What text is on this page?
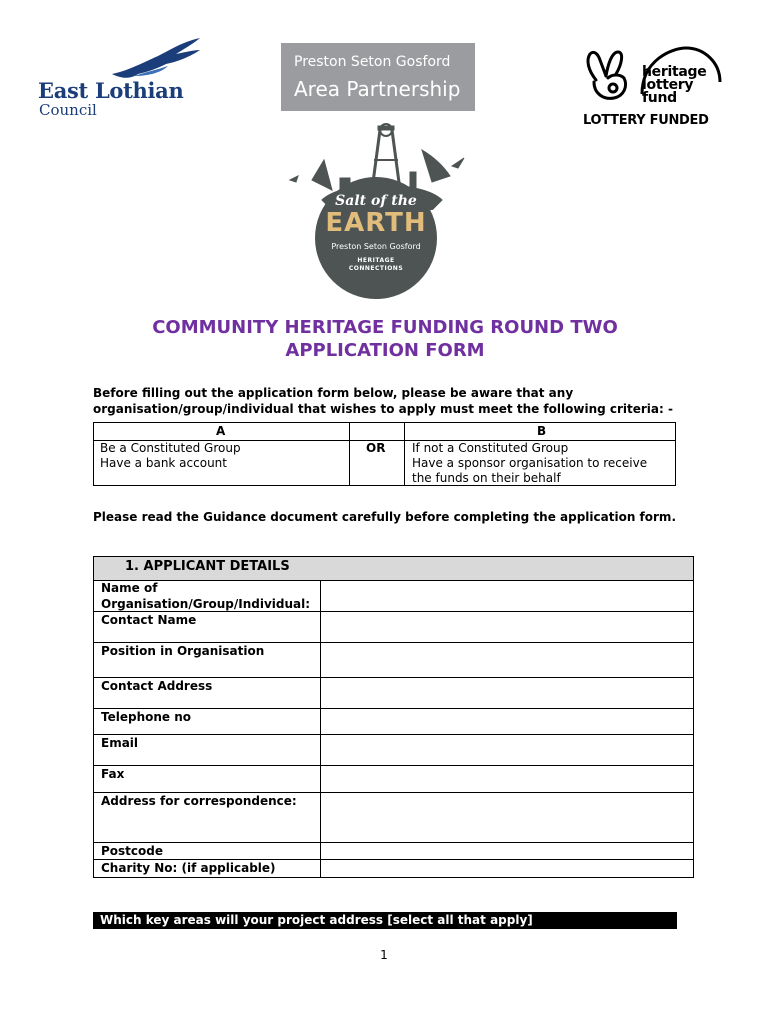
East Lothian
Council
Preston Seton Gosford
Area Partnership
heritage
lottery fund
LOTTERY FUNDED
Salt of the
EARTH
Preston Seton Gosford
HERITAGE
CONNECTIONS
COMMUNITY HERITAGE FUNDING ROUND TWO
APPLICATION FORM
Before filling out the application form below, please be aware that any
organisation/group/individual that wishes to apply must meet the following criteria: -
A	B
OR
Be a Constituted Group
Have a bank account
If not a Constituted Group
Have a sponsor organisation to receive
the funds on their behalf
Please read the Guidance document carefully before completing the application form.
1. APPLICANT DETAILS
Name of
Organisation/Group/Individual:
Contact Name
Position in Organisation
Contact Address
Telephone no
Email
Fax
Address for correspondence:
Postcode
Charity No: (if applicable)
Which key areas will your project address [select all that apply]
1
